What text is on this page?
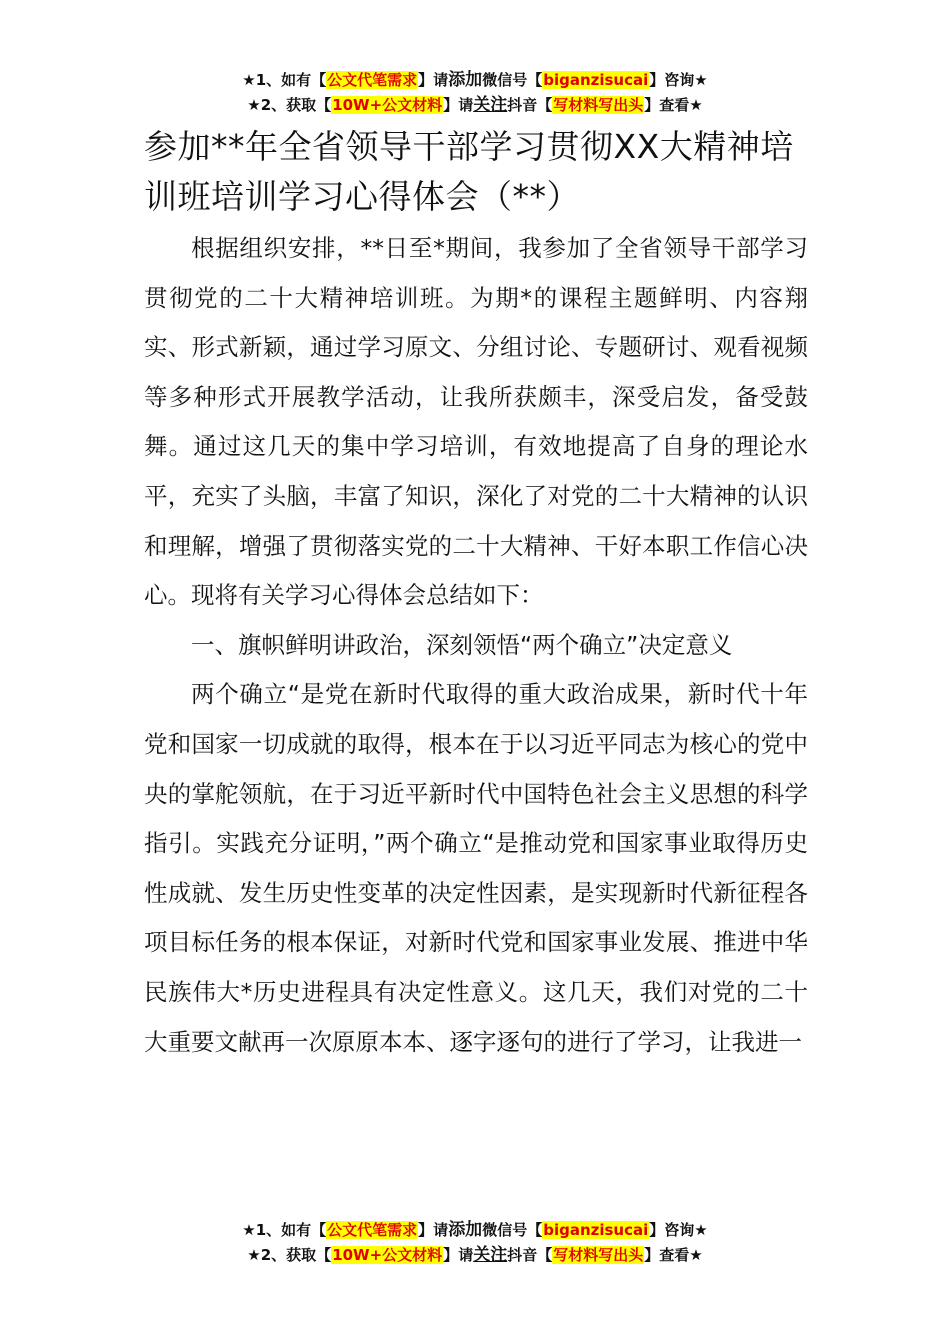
★1、如有【公文代笔需求】请添加微信号【biganzisucai】咨询★
★2、获取【10W+公文材料】请关注抖音【写材料写出头】查看★
参加**年全省领导干部学习贯彻XX大精神培训班培训学习心得体会（**）

根据组织安排，**日至*期间，我参加了全省领导干部学习贯彻党的二十大精神培训班。为期*的课程主题鲜明、内容翔实、形式新颖，通过学习原文、分组讨论、专题研讨、观看视频等多种形式开展教学活动，让我所获颇丰，深受启发，备受鼓舞。通过这几天的集中学习培训，有效地提高了自身的理论水平，充实了头脑，丰富了知识，深化了对党的二十大精神的认识和理解，增强了贯彻落实党的二十大精神、干好本职工作信心决心。现将有关学习心得体会总结如下：

一、旗帜鲜明讲政治，深刻领悟“两个确立”决定意义

两个确立“是党在新时代取得的重大政治成果，新时代十年党和国家一切成就的取得，根本在于以习近平同志为核心的党中央的掌舵领航，在于习近平新时代中国特色社会主义思想的科学指引。实践充分证明，”两个确立“是推动党和国家事业取得历史性成就、发生历史性变革的决定性因素，是实现新时代新征程各项目标任务的根本保证，对新时代党和国家事业发展、推进中华民族伟大*历史进程具有决定性意义。这几天，我们对党的二十大重要文献再一次原原本本、逐字逐句的进行了学习，让我进一

★1、如有【公文代笔需求】请添加微信号【biganzisucai】咨询★
★2、获取【10W+公文材料】请关注抖音【写材料写出头】查看★
